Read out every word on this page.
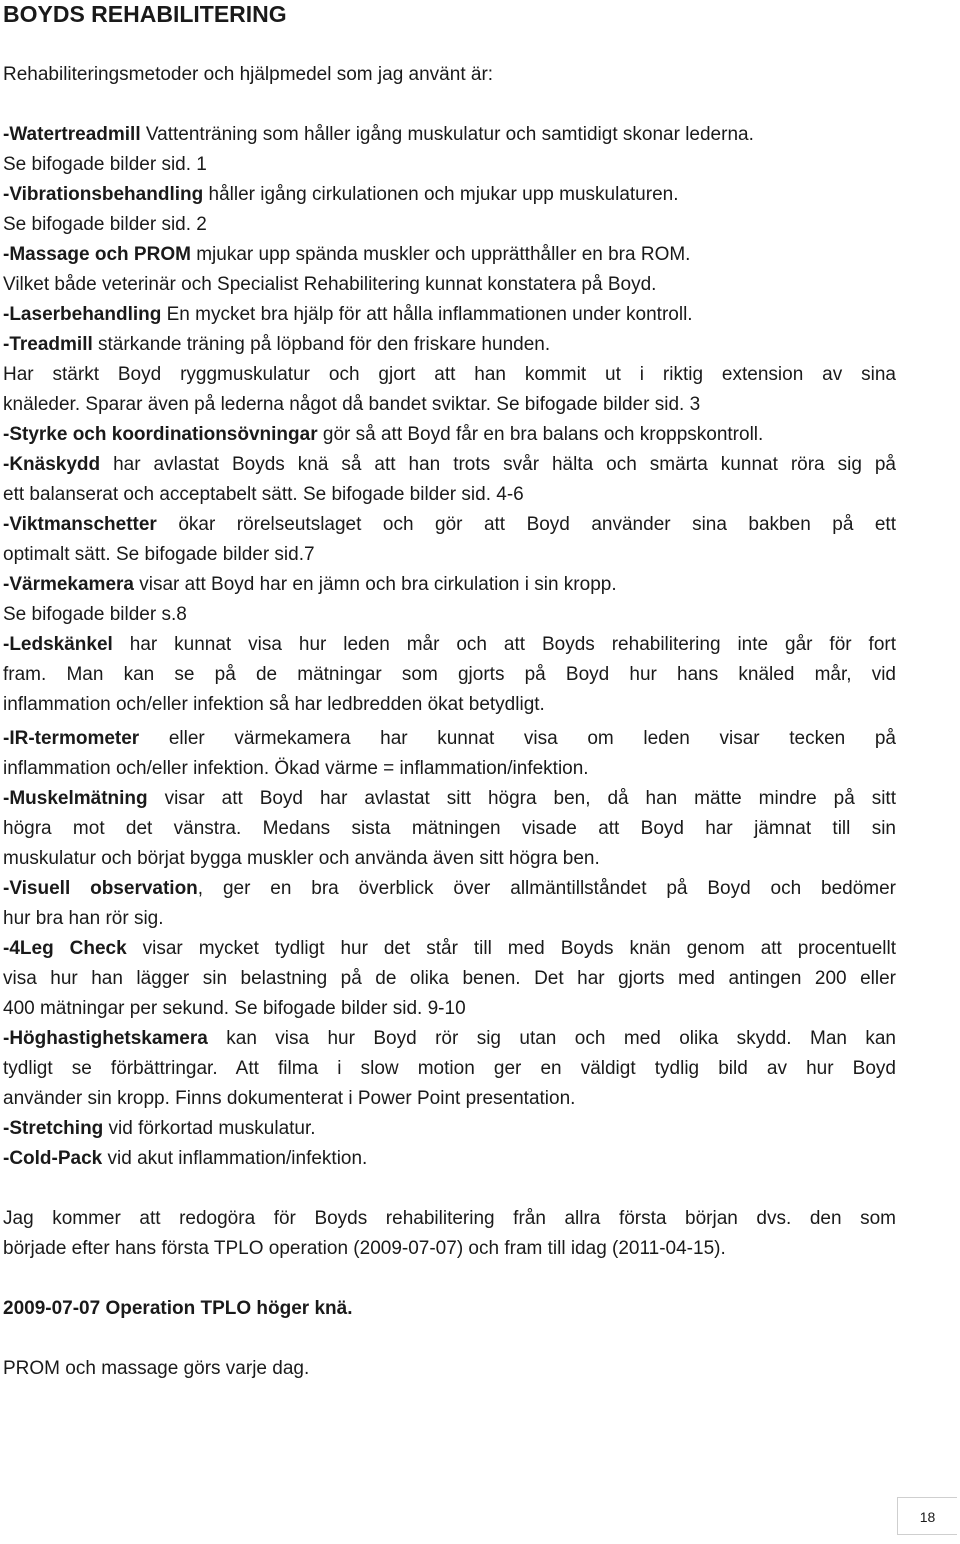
BOYDS REHABILITERING

Rehabiliteringsmetoder och hjälpmedel som jag använt är:

-Watertreadmill Vattenträning som håller igång muskulatur och samtidigt skonar lederna.

Se bifogade bilder sid. 1

-Vibrationsbehandling håller igång cirkulationen och mjukar upp muskulaturen.

Se bifogade bilder sid. 2

-Massage och PROM mjukar upp spända muskler och upprätthåller en bra ROM.

Vilket både veterinär och Specialist Rehabilitering kunnat konstatera på Boyd.

-Laserbehandling En mycket bra hjälp för att hålla inflammationen under kontroll.

-Treadmill stärkande träning på löpband för den friskare hunden.

Har stärkt Boyd ryggmuskulatur och gjort att han kommit ut i riktig extension av sina

knäleder. Sparar även på lederna något då bandet sviktar. Se bifogade bilder sid. 3

-Styrke och koordinationsövningar gör så att Boyd får en bra balans och kroppskontroll.

-Knäskydd har avlastat Boyds knä så att han trots svår hälta och smärta kunnat röra sig på

ett balanserat och acceptabelt sätt. Se bifogade bilder sid. 4-6

-Viktmanschetter ökar rörelseutslaget och gör att Boyd använder sina bakben på ett

optimalt sätt. Se bifogade bilder sid.7

-Värmekamera visar att Boyd har en jämn och bra cirkulation i sin kropp.

Se bifogade bilder s.8

-Ledskänkel har kunnat visa hur leden mår och att Boyds rehabilitering inte går för fort

fram. Man kan se på de mätningar som gjorts på Boyd hur hans knäled mår, vid

inflammation och/eller infektion så har ledbredden ökat betydligt.

-IR-termometer eller värmekamera har kunnat visa om leden visar tecken på

inflammation och/eller infektion. Ökad värme = inflammation/infektion.

-Muskelmätning visar att Boyd har avlastat sitt högra ben, då han mätte mindre på sitt

högra mot det vänstra. Medans sista mätningen visade att Boyd har jämnat till sin

muskulatur och börjat bygga muskler och använda även sitt högra ben.

-Visuell observation, ger en bra överblick över allmäntillståndet på Boyd och bedömer

hur bra han rör sig.

-4Leg Check visar mycket tydligt hur det står till med Boyds knän genom att procentuellt

visa hur han lägger sin belastning på de olika benen. Det har gjorts med antingen 200 eller

400 mätningar per sekund. Se bifogade bilder sid. 9-10

-Höghastighetskamera kan visa hur Boyd rör sig utan och med olika skydd. Man kan

tydligt se förbättringar. Att filma i slow motion ger en väldigt tydlig bild av hur Boyd

använder sin kropp. Finns dokumenterat i Power Point presentation.

-Stretching vid förkortad muskulatur.

-Cold-Pack vid akut inflammation/infektion.

Jag kommer att redogöra för Boyds rehabilitering från allra första början dvs. den som

började efter hans första TPLO operation (2009-07-07) och fram till idag (2011-04-15).

2009-07-07 Operation TPLO höger knä.

PROM och massage görs varje dag.

18
